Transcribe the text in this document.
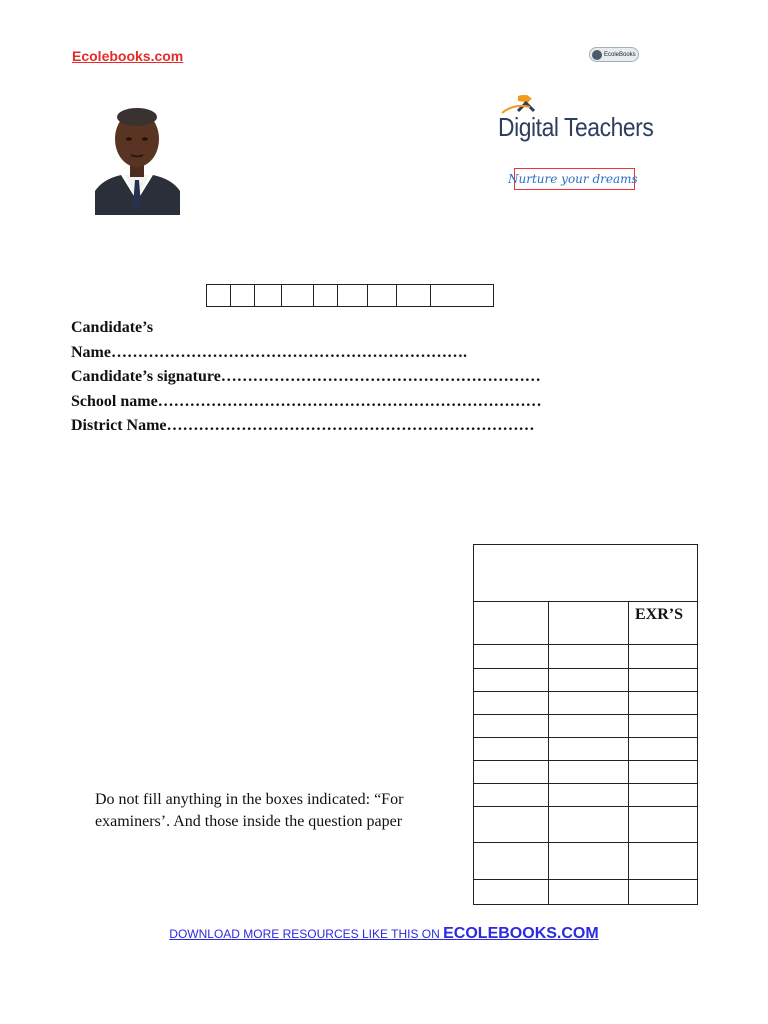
Ecolebooks.com	EcoleBooks
Digital Teachers
Nurture your dreams
Candidate’s
Name………………………………………………………….
Candidate’s signature……………………………………………………
School name………………………………………………………………
District Name……………………………………………………………
Do not fill anything in the boxes indicated: “For examiners’. And those inside the question paper

		EXR’S

DOWNLOAD MORE RESOURCES LIKE THIS ON ECOLEBOOKS.COM
